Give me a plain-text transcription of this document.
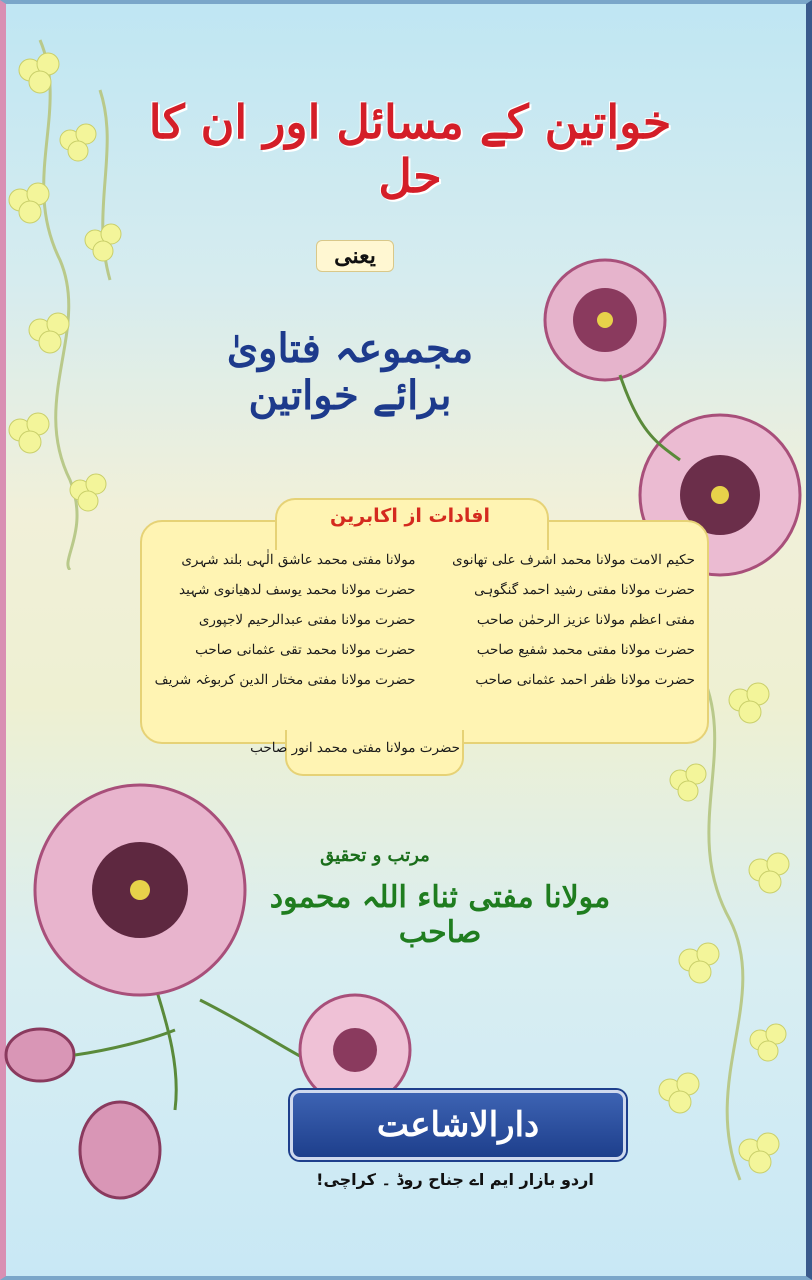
خواتین کے مسائل اور ان کا حل
یعنی
مجموعہ فتاویٰ برائے خواتین
افادات از اکابرین
حکیم الامت مولانا محمد اشرف علی تھانوی
مولانا مفتی محمد عاشق الٰہی بلند شہری
حضرت مولانا مفتی رشید احمد گنگوہی
حضرت مولانا محمد یوسف لدھیانوی شہید
مفتی اعظم مولانا عزیز الرحمٰن صاحب
حضرت مولانا مفتی عبدالرحیم لاجپوری
حضرت مولانا مفتی محمد شفیع صاحب
حضرت مولانا محمد تقی عثمانی صاحب
حضرت مولانا ظفر احمد عثمانی صاحب
حضرت مولانا مفتی مختار الدین کربوغہ شریف
حضرت مولانا مفتی محمد انور صاحب
مرتب و تحقیق
مولانا مفتی ثناء اللہ محمود صاحب
دارالاشاعت
اردو بازار ایم اے جناح روڈ ۔ کراچی!
